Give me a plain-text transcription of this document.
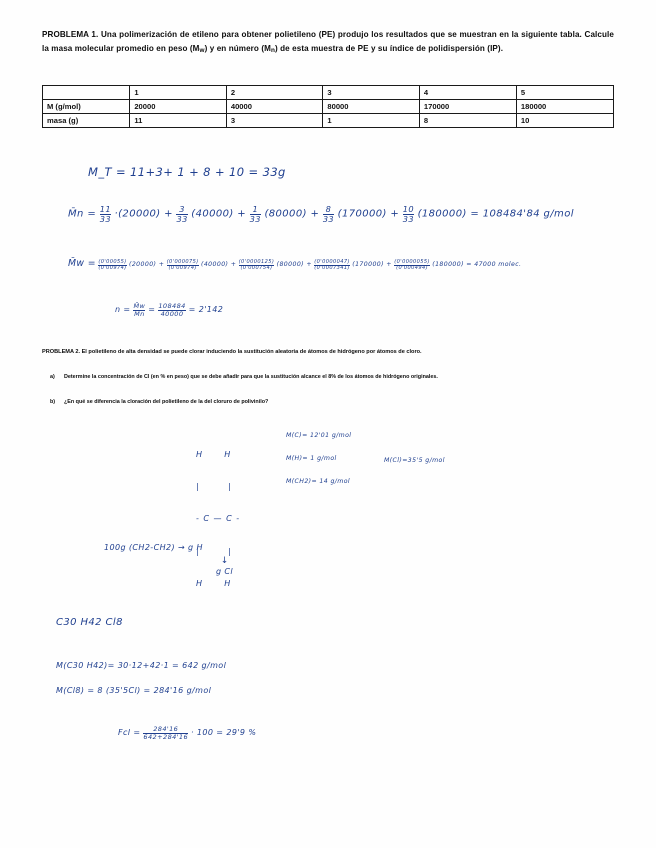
PROBLEMA 1. Una polimerización de etileno para obtener polietileno (PE) produjo los resultados que se muestran en la siguiente tabla. Calcule la masa molecular promedio en peso (Mw) y en número (Mn) de esta muestra de PE y su índice de polidispersión (IP).
	1	2	3	4	5
M (g/mol)	20000	40000	80000	170000	180000
masa (g)	11	3	1	8	10
M_T = 11+3+ 1 + 8 + 10 = 33g
M̄n = $\frac{11}{33} \cdot(20000) + \frac{3}{33} (40000) + \frac{1}{33} (80000) + \frac{8}{33} (170000) + \frac{10}{33} (180000) = 108484'84$ g/mol
M̄w = $\frac{(0'00055)}{(0'00974)} (20000) + \frac{(0'000075)}{(0'00974)} (40000) + \frac{(0'0000125)}{(0'000754)} (80000) + \frac{(0'0000047)}{(0'0007341)} (170000) + \frac{(0'0000055)}{(0'000494)} (180000) = 47000$ molec.
$n = \frac{M̄w}{M̄n} = \frac{108484}{40000} = 2'142$
PROBLEMA 2. El polietileno de alta densidad se puede clorar induciendo la sustitución aleatoria de átomos de hidrógeno por átomos de cloro.
a) Determine la concentración de Cl (en % en peso) que se debe añadir para que la sustitución alcance el 8% de los átomos de hidrógeno originales.
b) ¿En qué se diferencia la cloración del polietileno de la del cloruro de polivinilo?

H      H

|        |

- C — C -

|        |

H      H

M(C)= 12'01 g/mol
M(H)= 1 g/mol	M(Cl)=35'5 g/mol
M(CH2)= 14 g/mol
100g (CH2-CH2) → g H
↓
g Cl
C30 H42 Cl8
M(C30 H42)= 30·12+42·1 = 642 g/mol
M(Cl8) = 8 (35'5Cl) = 284'16 g/mol
Fcl = $\frac{284'16}{642+284'16} \cdot 100 = 29'9$ %
